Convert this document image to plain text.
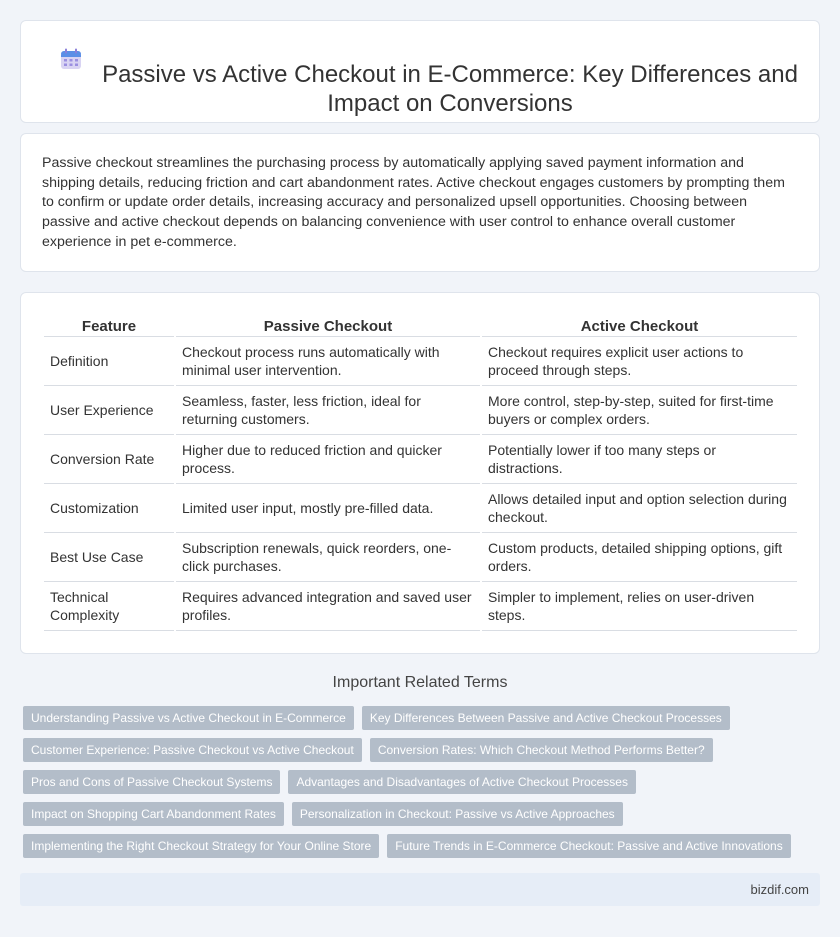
Passive vs Active Checkout in E-Commerce: Key Differences and Impact on Conversions

Passive checkout streamlines the purchasing process by automatically applying saved payment information and shipping details, reducing friction and cart abandonment rates. Active checkout engages customers by prompting them to confirm or update order details, increasing accuracy and personalized upsell opportunities. Choosing between passive and active checkout depends on balancing convenience with user control to enhance overall customer experience in pet e-commerce.

Feature	Passive Checkout	Active Checkout
Definition	Checkout process runs automatically with minimal user intervention.	Checkout requires explicit user actions to proceed through steps.
User Experience	Seamless, faster, less friction, ideal for returning customers.	More control, step-by-step, suited for first-time buyers or complex orders.
Conversion Rate	Higher due to reduced friction and quicker process.	Potentially lower if too many steps or distractions.
Customization	Limited user input, mostly pre-filled data.	Allows detailed input and option selection during checkout.
Best Use Case	Subscription renewals, quick reorders, one-click purchases.	Custom products, detailed shipping options, gift orders.
Technical Complexity	Requires advanced integration and saved user profiles.	Simpler to implement, relies on user-driven steps.
Important Related Terms
Understanding Passive vs Active Checkout in E-Commerce	Key Differences Between Passive and Active Checkout Processes
Customer Experience: Passive Checkout vs Active Checkout	Conversion Rates: Which Checkout Method Performs Better?
Pros and Cons of Passive Checkout Systems	Advantages and Disadvantages of Active Checkout Processes
Impact on Shopping Cart Abandonment Rates	Personalization in Checkout: Passive vs Active Approaches
Implementing the Right Checkout Strategy for Your Online Store	Future Trends in E-Commerce Checkout: Passive and Active Innovations
bizdif.com
